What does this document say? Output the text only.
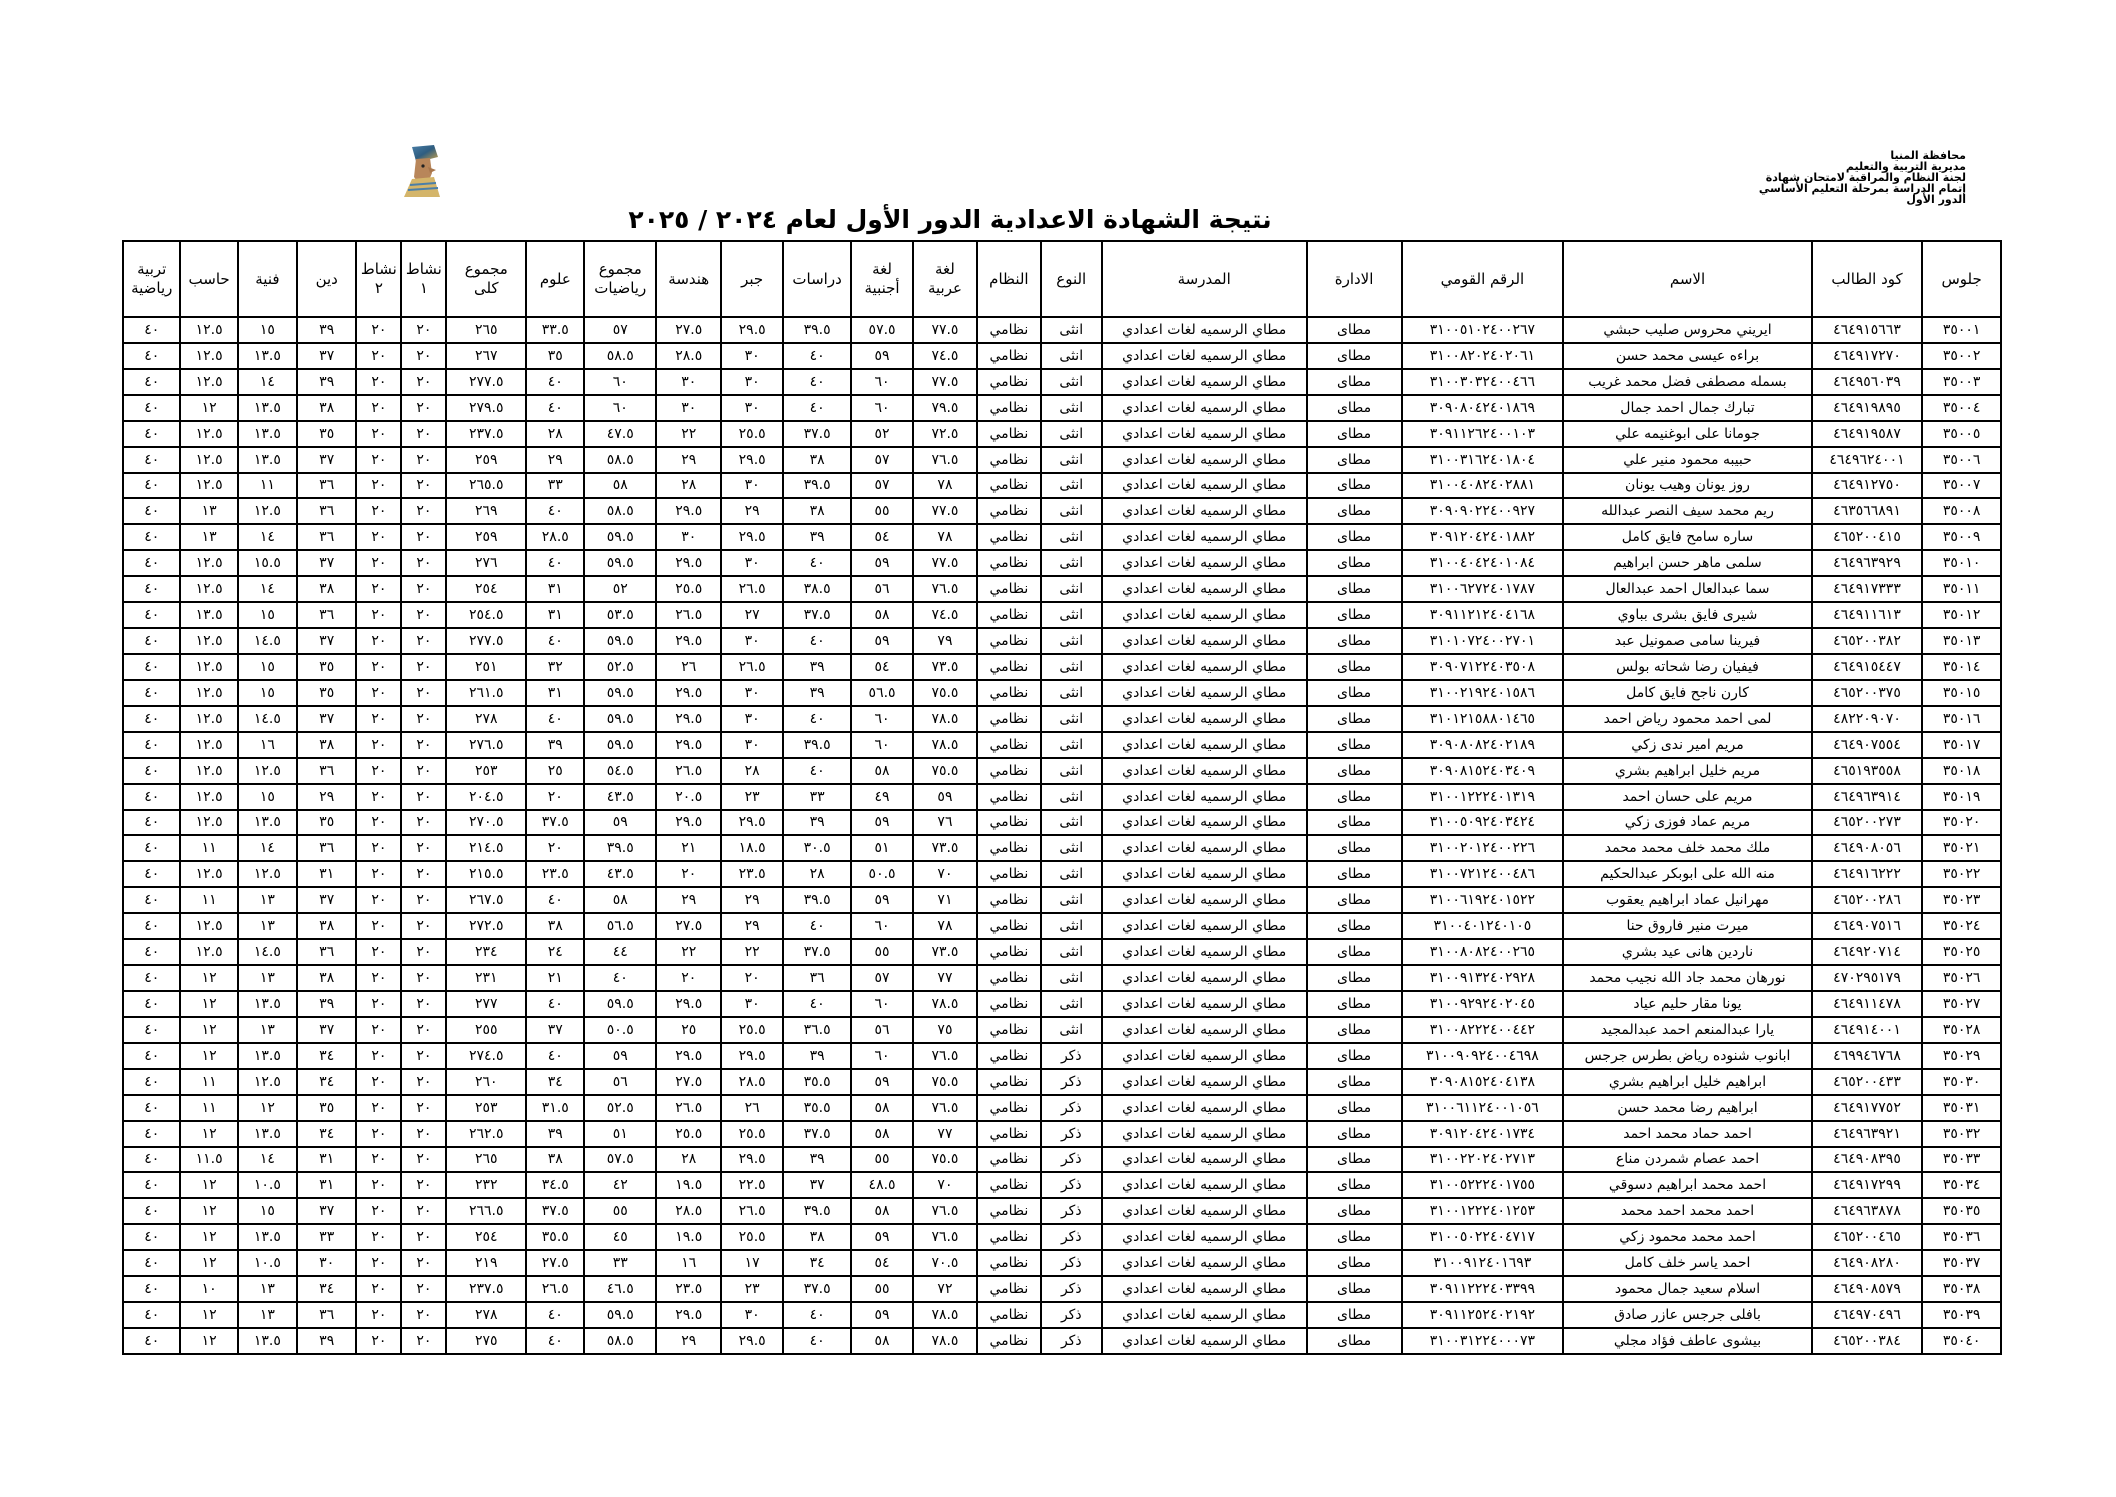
محافظة المنيا
مديرية التربية والتعليم
لجنة النظام والمراقبة لامتحان شهادة
إتمام الدراسة بمرحلة التعليم الأساسي
الدور الأول
نتيجة الشهادة الاعدادية الدور الأول لعام ٢٠٢٤ / ٢٠٢٥
جلوس	كود الطالب	الاسم	الرقم القومي	الادارة	المدرسة	النوع	النظام	لغة عربية	لغة أجنبية	دراسات	جبر	هندسة	مجموع رياضيات	علوم	مجموع كلى	نشاط ١	نشاط ٢	دين	فنية	حاسب	تربية رياضية
٣٥٠٠١	٤٦٤٩١٥٦٦٣	ايريني محروس صليب حبشي	٣١٠٠٥١٠٢٤٠٠٢٦٧	مطاى	مطاي الرسميه لغات اعدادي	انثى	نظامي	٧٧.٥	٥٧.٥	٣٩.٥	٢٩.٥	٢٧.٥	٥٧	٣٣.٥	٢٦٥	٢٠	٢٠	٣٩	١٥	١٢.٥	٤٠
٣٥٠٠٢	٤٦٤٩١٧٢٧٠	براءه عيسى محمد حسن	٣١٠٠٨٢٠٢٤٠٢٠٦١	مطاى	مطاي الرسميه لغات اعدادي	انثى	نظامي	٧٤.٥	٥٩	٤٠	٣٠	٢٨.٥	٥٨.٥	٣٥	٢٦٧	٢٠	٢٠	٣٧	١٣.٥	١٢.٥	٤٠
٣٥٠٠٣	٤٦٤٩٥٦٠٣٩	بسمله مصطفى فضل محمد غريب	٣١٠٠٣٠٣٢٤٠٠٤٦٦	مطاى	مطاي الرسميه لغات اعدادي	انثى	نظامي	٧٧.٥	٦٠	٤٠	٣٠	٣٠	٦٠	٤٠	٢٧٧.٥	٢٠	٢٠	٣٩	١٤	١٢.٥	٤٠
٣٥٠٠٤	٤٦٤٩١٩٨٩٥	تبارك جمال احمد جمال	٣٠٩٠٨٠٤٢٤٠١٨٦٩	مطاى	مطاي الرسميه لغات اعدادي	انثى	نظامي	٧٩.٥	٦٠	٤٠	٣٠	٣٠	٦٠	٤٠	٢٧٩.٥	٢٠	٢٠	٣٨	١٣.٥	١٢	٤٠
٣٥٠٠٥	٤٦٤٩١٩٥٨٧	جومانا على ابوغنيمه علي	٣٠٩١١٢٦٢٤٠٠١٠٣	مطاى	مطاي الرسميه لغات اعدادي	انثى	نظامي	٧٢.٥	٥٢	٣٧.٥	٢٥.٥	٢٢	٤٧.٥	٢٨	٢٣٧.٥	٢٠	٢٠	٣٥	١٣.٥	١٢.٥	٤٠
٣٥٠٠٦	٤٦٤٩٦٢٤٠٠١	حبيبه محمود منير علي	٣١٠٠٣١٦٢٤٠١٨٠٤	مطاى	مطاي الرسميه لغات اعدادي	انثى	نظامي	٧٦.٥	٥٧	٣٨	٢٩.٥	٢٩	٥٨.٥	٢٩	٢٥٩	٢٠	٢٠	٣٧	١٣.٥	١٢.٥	٤٠
٣٥٠٠٧	٤٦٤٩١٢٧٥٠	روز يونان وهيب يونان	٣١٠٠٤٠٨٢٤٠٢٨٨١	مطاى	مطاي الرسميه لغات اعدادي	انثى	نظامي	٧٨	٥٧	٣٩.٥	٣٠	٢٨	٥٨	٣٣	٢٦٥.٥	٢٠	٢٠	٣٦	١١	١٢.٥	٤٠
٣٥٠٠٨	٤٦٣٥٦٦٨٩١	ريم محمد سيف النصر عبدالله	٣٠٩٠٩٠٢٢٤٠٠٩٢٧	مطاى	مطاي الرسميه لغات اعدادي	انثى	نظامي	٧٧.٥	٥٥	٣٨	٢٩	٢٩.٥	٥٨.٥	٤٠	٢٦٩	٢٠	٢٠	٣٦	١٢.٥	١٣	٤٠
٣٥٠٠٩	٤٦٥٢٠٠٤١٥	ساره سامح فايق كامل	٣٠٩١٢٠٤٢٤٠١٨٨٢	مطاى	مطاي الرسميه لغات اعدادي	انثى	نظامي	٧٨	٥٤	٣٩	٢٩.٥	٣٠	٥٩.٥	٢٨.٥	٢٥٩	٢٠	٢٠	٣٦	١٤	١٣	٤٠
٣٥٠١٠	٤٦٤٩٦٣٩٢٩	سلمى ماهر حسن ابراهيم	٣١٠٠٤٠٤٢٤٠١٠٨٤	مطاى	مطاي الرسميه لغات اعدادي	انثى	نظامي	٧٧.٥	٥٩	٤٠	٣٠	٢٩.٥	٥٩.٥	٤٠	٢٧٦	٢٠	٢٠	٣٧	١٥.٥	١٢.٥	٤٠
٣٥٠١١	٤٦٤٩١٧٣٣٣	سما عبدالعال احمد عبدالعال	٣١٠٠٦٢٧٢٤٠١٧٨٧	مطاى	مطاي الرسميه لغات اعدادي	انثى	نظامي	٧٦.٥	٥٦	٣٨.٥	٢٦.٥	٢٥.٥	٥٢	٣١	٢٥٤	٢٠	٢٠	٣٨	١٤	١٢.٥	٤٠
٣٥٠١٢	٤٦٤٩١١٦١٣	شيرى فايق بشرى بباوي	٣٠٩١١٢١٢٤٠٤١٦٨	مطاى	مطاي الرسميه لغات اعدادي	انثى	نظامي	٧٤.٥	٥٨	٣٧.٥	٢٧	٢٦.٥	٥٣.٥	٣١	٢٥٤.٥	٢٠	٢٠	٣٦	١٥	١٣.٥	٤٠
٣٥٠١٣	٤٦٥٢٠٠٣٨٢	فيرينا سامى صمونيل عبد	٣١٠١٠٧٢٤٠٠٢٧٠١	مطاى	مطاي الرسميه لغات اعدادي	انثى	نظامي	٧٩	٥٩	٤٠	٣٠	٢٩.٥	٥٩.٥	٤٠	٢٧٧.٥	٢٠	٢٠	٣٧	١٤.٥	١٢.٥	٤٠
٣٥٠١٤	٤٦٤٩١٥٤٤٧	فيفيان رضا شحاته بولس	٣٠٩٠٧١٢٢٤٠٣٥٠٨	مطاى	مطاي الرسميه لغات اعدادي	انثى	نظامي	٧٣.٥	٥٤	٣٩	٢٦.٥	٢٦	٥٢.٥	٣٢	٢٥١	٢٠	٢٠	٣٥	١٥	١٢.٥	٤٠
٣٥٠١٥	٤٦٥٢٠٠٣٧٥	كارن ناجح فايق كامل	٣١٠٠٢١٩٢٤٠١٥٨٦	مطاى	مطاي الرسميه لغات اعدادي	انثى	نظامي	٧٥.٥	٥٦.٥	٣٩	٣٠	٢٩.٥	٥٩.٥	٣١	٢٦١.٥	٢٠	٢٠	٣٥	١٥	١٢.٥	٤٠
٣٥٠١٦	٤٨٢٢٠٩٠٧٠	لمى احمد محمود رياض احمد	٣١٠١٢١٥٨٨٠١٤٦٥	مطاى	مطاي الرسميه لغات اعدادي	انثى	نظامي	٧٨.٥	٦٠	٤٠	٣٠	٢٩.٥	٥٩.٥	٤٠	٢٧٨	٢٠	٢٠	٣٧	١٤.٥	١٢.٥	٤٠
٣٥٠١٧	٤٦٤٩٠٧٥٥٤	مريم امير ندى زكي	٣٠٩٠٨٠٨٢٤٠٢١٨٩	مطاى	مطاي الرسميه لغات اعدادي	انثى	نظامي	٧٨.٥	٦٠	٣٩.٥	٣٠	٢٩.٥	٥٩.٥	٣٩	٢٧٦.٥	٢٠	٢٠	٣٨	١٦	١٢.٥	٤٠
٣٥٠١٨	٤٦٥١٩٣٥٥٨	مريم خليل ابراهيم بشري	٣٠٩٠٨١٥٢٤٠٣٤٠٩	مطاى	مطاي الرسميه لغات اعدادي	انثى	نظامي	٧٥.٥	٥٨	٤٠	٢٨	٢٦.٥	٥٤.٥	٢٥	٢٥٣	٢٠	٢٠	٣٦	١٢.٥	١٢.٥	٤٠
٣٥٠١٩	٤٦٤٩٦٣٩١٤	مريم على حسان احمد	٣١٠٠١٢٢٢٤٠١٣١٩	مطاى	مطاي الرسميه لغات اعدادي	انثى	نظامي	٥٩	٤٩	٣٣	٢٣	٢٠.٥	٤٣.٥	٢٠	٢٠٤.٥	٢٠	٢٠	٢٩	١٥	١٢.٥	٤٠
٣٥٠٢٠	٤٦٥٢٠٠٢٧٣	مريم عماد فوزى زكي	٣١٠٠٥٠٩٢٤٠٣٤٢٤	مطاى	مطاي الرسميه لغات اعدادي	انثى	نظامي	٧٦	٥٩	٣٩	٢٩.٥	٢٩.٥	٥٩	٣٧.٥	٢٧٠.٥	٢٠	٢٠	٣٥	١٣.٥	١٢.٥	٤٠
٣٥٠٢١	٤٦٤٩٠٨٠٥٦	ملك محمد خلف محمد محمد	٣١٠٠٢٠١٢٤٠٠٢٢٦	مطاى	مطاي الرسميه لغات اعدادي	انثى	نظامي	٧٣.٥	٥١	٣٠.٥	١٨.٥	٢١	٣٩.٥	٢٠	٢١٤.٥	٢٠	٢٠	٣٦	١٤	١١	٤٠
٣٥٠٢٢	٤٦٤٩١٦٢٢٢	منه الله على ابوبكر عبدالحكيم	٣١٠٠٧٢١٢٤٠٠٤٨٦	مطاى	مطاي الرسميه لغات اعدادي	انثى	نظامي	٧٠	٥٠.٥	٢٨	٢٣.٥	٢٠	٤٣.٥	٢٣.٥	٢١٥.٥	٢٠	٢٠	٣١	١٢.٥	١٢.٥	٤٠
٣٥٠٢٣	٤٦٥٢٠٠٢٨٦	مهرانيل عماد ابراهيم يعقوب	٣١٠٠٦١٩٢٤٠١٥٢٢	مطاى	مطاي الرسميه لغات اعدادي	انثى	نظامي	٧١	٥٩	٣٩.٥	٢٩	٢٩	٥٨	٤٠	٢٦٧.٥	٢٠	٢٠	٣٧	١٣	١١	٤٠
٣٥٠٢٤	٤٦٤٩٠٧٥١٦	ميرت منير فاروق حنا	٣١٠٠٤٠١٢٤٠١٠٥	مطاى	مطاي الرسميه لغات اعدادي	انثى	نظامي	٧٨	٦٠	٤٠	٢٩	٢٧.٥	٥٦.٥	٣٨	٢٧٢.٥	٢٠	٢٠	٣٨	١٣	١٢.٥	٤٠
٣٥٠٢٥	٤٦٤٩٢٠٧١٤	ناردين هانى عيد بشري	٣١٠٠٨٠٨٢٤٠٠٢٦٥	مطاى	مطاي الرسميه لغات اعدادي	انثى	نظامي	٧٣.٥	٥٥	٣٧.٥	٢٢	٢٢	٤٤	٢٤	٢٣٤	٢٠	٢٠	٣٦	١٤.٥	١٢.٥	٤٠
٣٥٠٢٦	٤٧٠٢٩٥١٧٩	نورهان محمد جاد الله نجيب محمد	٣١٠٠٩١٣٢٤٠٢٩٢٨	مطاى	مطاي الرسميه لغات اعدادي	انثى	نظامي	٧٧	٥٧	٣٦	٢٠	٢٠	٤٠	٢١	٢٣١	٢٠	٢٠	٣٨	١٣	١٢	٤٠
٣٥٠٢٧	٤٦٤٩١١٤٧٨	يونا مقار حليم عياد	٣١٠٠٩٢٩٢٤٠٢٠٤٥	مطاى	مطاي الرسميه لغات اعدادي	انثى	نظامي	٧٨.٥	٦٠	٤٠	٣٠	٢٩.٥	٥٩.٥	٤٠	٢٧٧	٢٠	٢٠	٣٩	١٣.٥	١٢	٤٠
٣٥٠٢٨	٤٦٤٩١٤٠٠١	يارا عبدالمنعم احمد عبدالمجيد	٣١٠٠٨٢٢٢٤٠٠٤٤٢	مطاى	مطاي الرسميه لغات اعدادي	انثى	نظامي	٧٥	٥٦	٣٦.٥	٢٥.٥	٢٥	٥٠.٥	٣٧	٢٥٥	٢٠	٢٠	٣٧	١٣	١٢	٤٠
٣٥٠٢٩	٤٦٩٩٤٦٧٦٨	ابانوب شنوده رياض بطرس جرجس	٣١٠٠٩٠٩٢٤٠٠٤٦٩٨	مطاى	مطاي الرسميه لغات اعدادي	ذكر	نظامي	٧٦.٥	٦٠	٣٩	٢٩.٥	٢٩.٥	٥٩	٤٠	٢٧٤.٥	٢٠	٢٠	٣٤	١٣.٥	١٢	٤٠
٣٥٠٣٠	٤٦٥٢٠٠٤٣٣	ابراهيم خليل ابراهيم بشري	٣٠٩٠٨١٥٢٤٠٤١٣٨	مطاى	مطاي الرسميه لغات اعدادي	ذكر	نظامي	٧٥.٥	٥٩	٣٥.٥	٢٨.٥	٢٧.٥	٥٦	٣٤	٢٦٠	٢٠	٢٠	٣٤	١٢.٥	١١	٤٠
٣٥٠٣١	٤٦٤٩١٧٧٥٢	ابراهيم رضا محمد حسن	٣١٠٠٦١١٢٤٠٠١٠٥٦	مطاى	مطاي الرسميه لغات اعدادي	ذكر	نظامي	٧٦.٥	٥٨	٣٥.٥	٢٦	٢٦.٥	٥٢.٥	٣١.٥	٢٥٣	٢٠	٢٠	٣٥	١٢	١١	٤٠
٣٥٠٣٢	٤٦٤٩٦٣٩٢١	احمد حماد محمد احمد	٣٠٩١٢٠٤٢٤٠١٧٣٤	مطاى	مطاي الرسميه لغات اعدادي	ذكر	نظامي	٧٧	٥٨	٣٧.٥	٢٥.٥	٢٥.٥	٥١	٣٩	٢٦٢.٥	٢٠	٢٠	٣٤	١٣.٥	١٢	٤٠
٣٥٠٣٣	٤٦٤٩٠٨٣٩٥	احمد عصام شمردن مناع	٣١٠٠٢٢٠٢٤٠٢٧١٣	مطاى	مطاي الرسميه لغات اعدادي	ذكر	نظامي	٧٥.٥	٥٥	٣٩	٢٩.٥	٢٨	٥٧.٥	٣٨	٢٦٥	٢٠	٢٠	٣١	١٤	١١.٥	٤٠
٣٥٠٣٤	٤٦٤٩١٧٢٩٩	احمد محمد ابراهيم دسوقي	٣١٠٠٥٢٢٢٤٠١٧٥٥	مطاى	مطاي الرسميه لغات اعدادي	ذكر	نظامي	٧٠	٤٨.٥	٣٧	٢٢.٥	١٩.٥	٤٢	٣٤.٥	٢٣٢	٢٠	٢٠	٣١	١٠.٥	١٢	٤٠
٣٥٠٣٥	٤٦٤٩٦٣٨٧٨	احمد محمد احمد محمد	٣١٠٠١٢٢٢٤٠١٢٥٣	مطاى	مطاي الرسميه لغات اعدادي	ذكر	نظامي	٧٦.٥	٥٨	٣٩.٥	٢٦.٥	٢٨.٥	٥٥	٣٧.٥	٢٦٦.٥	٢٠	٢٠	٣٧	١٥	١٢	٤٠
٣٥٠٣٦	٤٦٥٢٠٠٤٦٥	احمد محمد محمود زكي	٣١٠٠٥٠٢٢٤٠٤٧١٧	مطاى	مطاي الرسميه لغات اعدادي	ذكر	نظامي	٧٦.٥	٥٩	٣٨	٢٥.٥	١٩.٥	٤٥	٣٥.٥	٢٥٤	٢٠	٢٠	٣٣	١٣.٥	١٢	٤٠
٣٥٠٣٧	٤٦٤٩٠٨٢٨٠	احمد ياسر خلف كامل	٣١٠٠٩١٢٤٠١٦٩٣	مطاى	مطاي الرسميه لغات اعدادي	ذكر	نظامي	٧٠.٥	٥٤	٣٤	١٧	١٦	٣٣	٢٧.٥	٢١٩	٢٠	٢٠	٣٠	١٠.٥	١٢	٤٠
٣٥٠٣٨	٤٦٤٩٠٨٥٧٩	اسلام سعيد جمال محمود	٣٠٩١١٢٢٢٤٠٣٣٩٩	مطاى	مطاي الرسميه لغات اعدادي	ذكر	نظامي	٧٢	٥٥	٣٧.٥	٢٣	٢٣.٥	٤٦.٥	٢٦.٥	٢٣٧.٥	٢٠	٢٠	٣٤	١٣	١٠	٤٠
٣٥٠٣٩	٤٦٤٩٧٠٤٩٦	بافلى جرجس عازر صادق	٣٠٩١١٢٥٢٤٠٢١٩٢	مطاى	مطاي الرسميه لغات اعدادي	ذكر	نظامي	٧٨.٥	٥٩	٤٠	٣٠	٢٩.٥	٥٩.٥	٤٠	٢٧٨	٢٠	٢٠	٣٦	١٣	١٢	٤٠
٣٥٠٤٠	٤٦٥٢٠٠٣٨٤	بيشوى عاطف فؤاد مجلي	٣١٠٠٣١٢٢٤٠٠٠٧٣	مطاى	مطاي الرسميه لغات اعدادي	ذكر	نظامي	٧٨.٥	٥٨	٤٠	٢٩.٥	٢٩	٥٨.٥	٤٠	٢٧٥	٢٠	٢٠	٣٩	١٣.٥	١٢	٤٠
